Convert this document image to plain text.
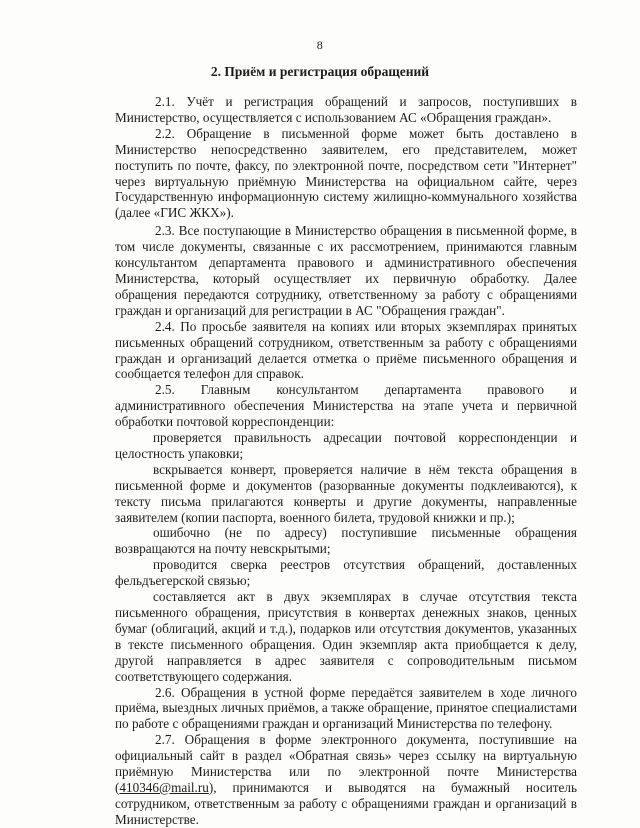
8
2. Приём и регистрация обращений

2.1. Учёт и регистрация обращений и запросов, поступивших в Министерство, осуществляется с использованием АС «Обращения граждан».

2.2. Обращение в письменной форме может быть доставлено в Министерство непосредственно заявителем, его представителем, может поступить по почте, факсу, по электронной почте, посредством сети "Интернет" через виртуальную приёмную Министерства на официальном сайте, через Государственную информационную систему жилищно-коммунального хозяйства (далее «ГИС ЖКХ»).

2.3. Все поступающие в Министерство обращения в письменной форме, в том числе документы, связанные с их рассмотрением, принимаются главным консультантом департамента правового и административного обеспечения Министерства, который осуществляет их первичную обработку. Далее обращения передаются сотруднику, ответственному за работу с обращениями граждан и организаций для регистрации в АС "Обращения граждан".

2.4. По просьбе заявителя на копиях или вторых экземплярах принятых письменных обращений сотрудником, ответственным за работу с обращениями граждан и организаций делается отметка о приёме письменного обращения и сообщается телефон для справок.

2.5. Главным консультантом департамента правового и административного обеспечения Министерства на этапе учета и первичной обработки почтовой корреспонденции:

проверяется правильность адресации почтовой корреспонденции и целостность упаковки;

вскрывается конверт, проверяется наличие в нём текста обращения в письменной форме и документов (разорванные документы подклеиваются), к тексту письма прилагаются конверты и другие документы, направленные заявителем (копии паспорта, военного билета, трудовой книжки и пр.);

ошибочно (не по адресу) поступившие письменные обращения возвращаются на почту невскрытыми;

проводится сверка реестров отсутствия обращений, доставленных фельдъегерской связью;

составляется акт в двух экземплярах в случае отсутствия текста письменного обращения, присутствия в конвертах денежных знаков, ценных бумаг (облигаций, акций и т.д.), подарков или отсутствия документов, указанных в тексте письменного обращения. Один экземпляр акта приобщается к делу, другой направляется в адрес заявителя с сопроводительным письмом соответствующего содержания.

2.6. Обращения в устной форме передаётся заявителем в ходе личного приёма, выездных личных приёмов, а также обращение, принятое специалистами по работе с обращениями граждан и организаций Министерства по телефону.

2.7. Обращения в форме электронного документа, поступившие на официальный сайт в раздел «Обратная связь» через ссылку на виртуальную приёмную Министерства или по электронной почте Министерства (410346@mail.ru), принимаются и выводятся на бумажный носитель сотрудником, ответственным за работу с обращениями граждан и организаций в Министерстве.
